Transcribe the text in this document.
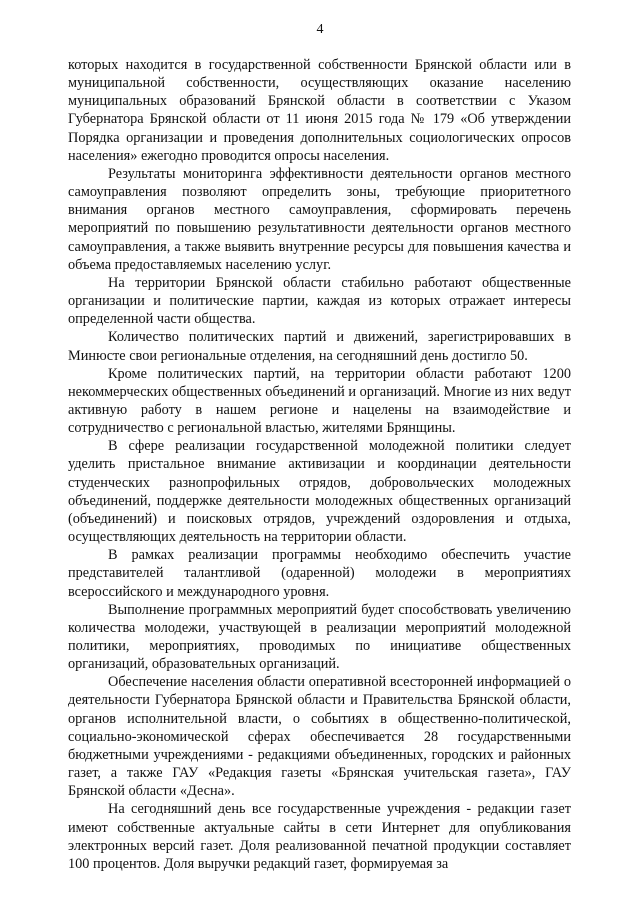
4

которых находится в государственной собственности Брянской области или в муниципальной собственности, осуществляющих оказание населению муниципальных образований Брянской области в соответствии с Указом Губернатора Брянской области от 11 июня 2015 года № 179 «Об утверждении Порядка организации и проведения дополнительных социологических опросов населения» ежегодно проводится опросы населения.

Результаты мониторинга эффективности деятельности органов местного самоуправления позволяют определить зоны, требующие приоритетного внимания органов местного самоуправления, сформировать перечень мероприятий по повышению результативности деятельности органов местного самоуправления, а также выявить внутренние ресурсы для повышения качества и объема предоставляемых населению услуг.

На территории Брянской области стабильно работают общественные организации и политические партии, каждая из которых отражает интересы определенной части общества.

Количество политических партий и движений, зарегистрировавших в Минюсте свои региональные отделения, на сегодняшний день достигло 50.

Кроме политических партий, на территории области работают 1200 некоммерческих общественных объединений и организаций. Многие из них ведут активную работу в нашем регионе и нацелены на взаимодействие и сотрудничество с региональной властью, жителями Брянщины.

В сфере реализации государственной молодежной политики следует уделить пристальное внимание активизации и координации деятельности студенческих разнопрофильных отрядов, добровольческих молодежных объединений, поддержке деятельности молодежных общественных организаций (объединений) и поисковых отрядов, учреждений оздоровления и отдыха, осуществляющих деятельность на территории области.

В рамках реализации программы необходимо обеспечить участие представителей талантливой (одаренной) молодежи в мероприятиях всероссийского и международного уровня.

Выполнение программных мероприятий будет способствовать увеличению количества молодежи, участвующей в реализации мероприятий молодежной политики, мероприятиях, проводимых по инициативе общественных организаций, образовательных организаций.

Обеспечение населения области оперативной всесторонней информацией о деятельности Губернатора Брянской области и Правительства Брянской области, органов исполнительной власти, о событиях в общественно-политической, социально-экономической сферах обеспечивается 28 государственными бюджетными учреждениями - редакциями объединенных, городских и районных газет, а также ГАУ «Редакция газеты «Брянская учительская газета», ГАУ Брянской области «Десна».

На сегодняшний день все государственные учреждения - редакции газет имеют собственные актуальные сайты в сети Интернет для опубликования электронных версий газет. Доля реализованной печатной продукции составляет 100 процентов. Доля выручки редакций газет, формируемая за
